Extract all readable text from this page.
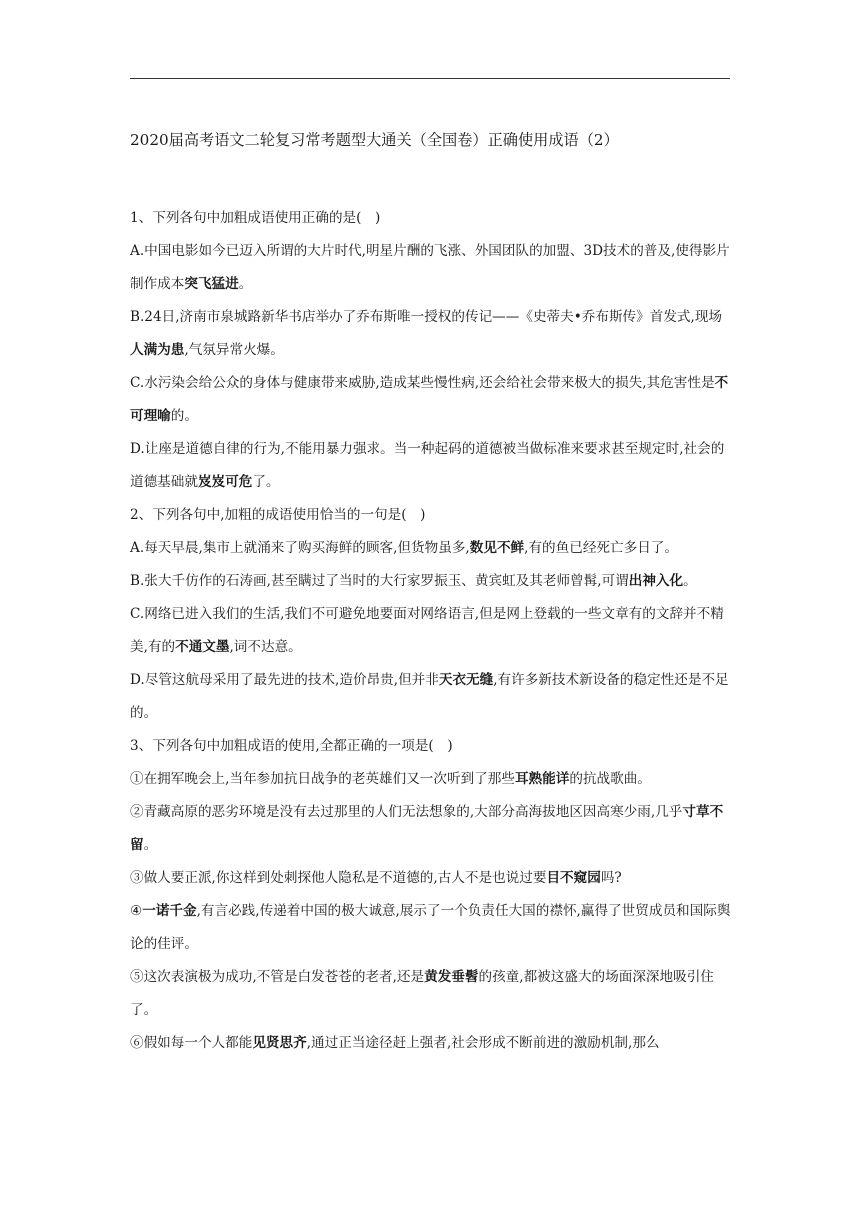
2020届高考语文二轮复习常考题型大通关（全国卷）正确使用成语（2）

1、下列各句中加粗成语使用正确的是(　)

A.中国电影如今已迈入所谓的大片时代,明星片酬的飞涨、外国团队的加盟、3D技术的普及,使得影片制作成本突飞猛进。

B.24日,济南市泉城路新华书店举办了乔布斯唯一授权的传记——《史蒂夫•乔布斯传》首发式,现场人满为患,气氛异常火爆。

C.水污染会给公众的身体与健康带来威胁,造成某些慢性病,还会给社会带来极大的损失,其危害性是不可理喻的。

D.让座是道德自律的行为,不能用暴力强求。当一种起码的道德被当做标准来要求甚至规定时,社会的道德基础就岌岌可危了。

2、下列各句中,加粗的成语使用恰当的一句是(　)

A.每天早晨,集市上就涌来了购买海鲜的顾客,但货物虽多,数见不鲜,有的鱼已经死亡多日了。

B.张大千仿作的石涛画,甚至瞒过了当时的大行家罗振玉、黄宾虹及其老师曾髯,可谓出神入化。

C.网络已进入我们的生活,我们不可避免地要面对网络语言,但是网上登载的一些文章有的文辞并不精美,有的不通文墨,词不达意。

D.尽管这航母采用了最先进的技术,造价昂贵,但并非天衣无缝,有许多新技术新设备的稳定性还是不足的。

3、下列各句中加粗成语的使用,全都正确的一项是(　)

①在拥军晚会上,当年参加抗日战争的老英雄们又一次听到了那些耳熟能详的抗战歌曲。

②青藏高原的恶劣环境是没有去过那里的人们无法想象的,大部分高海拔地区因高寒少雨,几乎寸草不留。

③做人要正派,你这样到处刺探他人隐私是不道德的,古人不是也说过要目不窥园吗?

④一诺千金,有言必践,传递着中国的极大诚意,展示了一个负责任大国的襟怀,赢得了世贸成员和国际舆论的佳评。

⑤这次表演极为成功,不管是白发苍苍的老者,还是黄发垂髫的孩童,都被这盛大的场面深深地吸引住了。

⑥假如每一个人都能见贤思齐,通过正当途径赶上强者,社会形成不断前进的激励机制,那么
